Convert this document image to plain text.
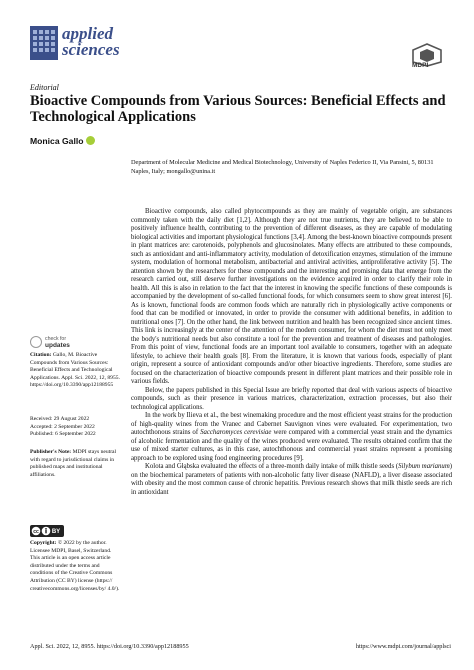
applied
sciences
MDPI
Editorial
Bioactive Compounds from Various Sources: Beneficial Effects and Technological Applications
Monica Gallo
Department of Molecular Medicine and Medical Biotechnology, University of Naples Federico II, Via Pansini, 5, 80131 Naples, Italy; mongallo@unina.it
check for
updates
Citation: Gallo, M. Bioactive Compounds from Various Sources: Beneficial Effects and Technological Applications. Appl. Sci. 2022, 12, 8955. https://doi.org/10.3390/app12188955
Received: 29 August 2022
Accepted: 2 September 2022
Published: 6 September 2022
Publisher's Note: MDPI stays neutral with regard to jurisdictional claims in published maps and institutional affiliations.
cc BY
Copyright: © 2022 by the author. Licensee MDPI, Basel, Switzerland. This article is an open access article distributed under the terms and conditions of the Creative Commons Attribution (CC BY) license (https:// creativecommons.org/licenses/by/ 4.0/).

Bioactive compounds, also called phytocompounds as they are mainly of vegetable origin, are substances commonly taken with the daily diet [1,2]. Although they are not true nutrients, they are believed to be able to positively influence health, contributing to the prevention of different diseases, as they are capable of modulating biological activities and important physiological functions [3,4]. Among the best-known bioactive compounds present in plant matrices are: carotenoids, polyphenols and glucosinolates. Many effects are attributed to these compounds, such as antioxidant and anti-inflammatory activity, modulation of detoxification enzymes, stimulation of the immune system, modulation of hormonal metabolism, antibacterial and antiviral activities, antiproliferative activity [5]. The attention shown by the researchers for these compounds and the interesting and promising data that emerge from the research carried out, still deserve further investigations on the evidence acquired in order to clarify their role in health. All this is also in relation to the fact that the interest in knowing the specific functions of these compounds is accompanied by the development of so-called functional foods, for which consumers seem to show great interest [6]. As is known, functional foods are common foods which are naturally rich in physiologically active components or food that can be modified or innovated, in order to provide the consumer with additional benefits, in addition to nutritional ones [7]. On the other hand, the link between nutrition and health has been recognized since ancient times. This link is increasingly at the center of the attention of the modern consumer, for whom the diet must not only meet the body's nutritional needs but also constitute a tool for the prevention and treatment of diseases and pathologies. From this point of view, functional foods are an important tool available to consumers, together with an adequate lifestyle, to achieve their health goals [8]. From the literature, it is known that various foods, especially of plant origin, represent a source of antioxidant compounds and/or other bioactive ingredients. Therefore, some studies are focused on the characterization of bioactive compounds present in different plant matrices and their possible role in various fields.

Below, the papers published in this Special Issue are briefly reported that deal with various aspects of bioactive compounds, such as their presence in various matrices, characterization, extraction processes, but also their technological applications.

In the work by Ilieva et al., the best winemaking procedure and the most efficient yeast strains for the production of high-quality wines from the Vranec and Cabernet Sauvignon vines were evaluated. For experimentation, two autochthonous strains of Saccharomyces cerevisiae were compared with a commercial yeast strain and the dynamics of alcoholic fermentation and the quality of the wines produced were evaluated. The results obtained confirm that the use of mixed starter cultures, as in this case, autochthonous and commercial yeast strains represent a promising approach to be explored using food engineering procedures [9].

Kolota and Głąbska evaluated the effects of a three-month daily intake of milk thistle seeds (Silybum marianum) on the biochemical parameters of patients with non-alcoholic fatty liver disease (NAFLD), a liver disease associated with obesity and the most common cause of chronic hepatitis. Previous research shows that milk thistle seeds are rich in antioxidant

Appl. Sci. 2022, 12, 8955. https://doi.org/10.3390/app12188955	https://www.mdpi.com/journal/applsci
